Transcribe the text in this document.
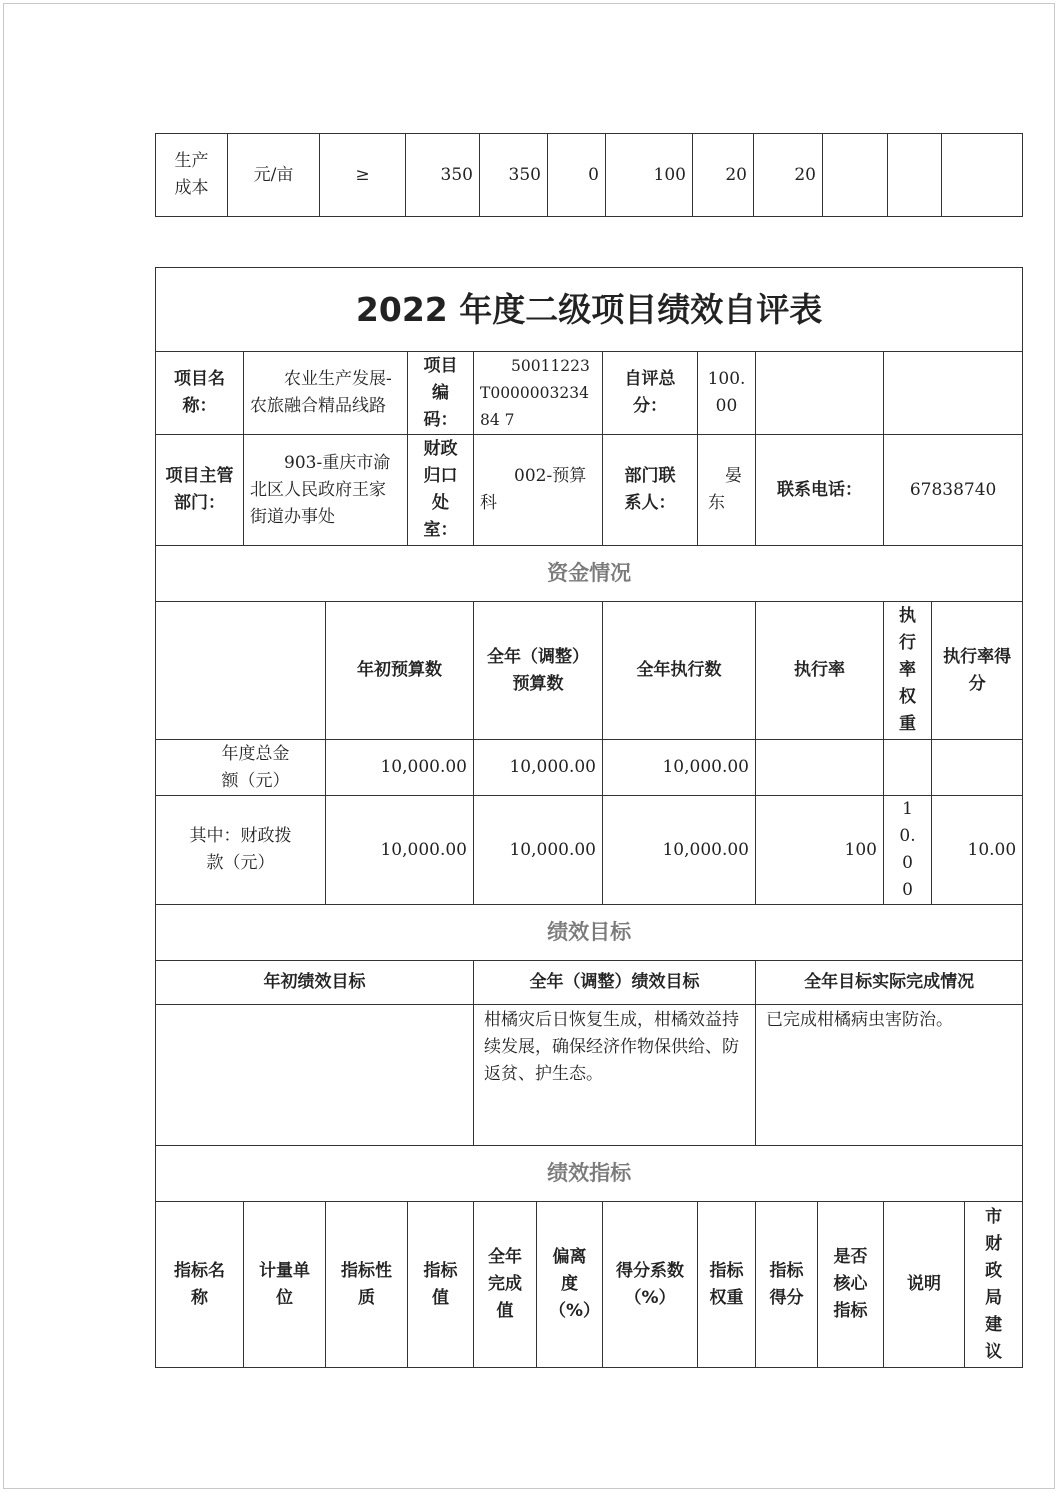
生产成本	元/亩	≥	350	350	0	100	20	20			
2022 年度二级项目绩效自评表												
项目名称：	农业生产发展-农旅融合精品线路		项目编码：	50011223T000000323484 7		自评总分：	100.00					
项目主管部门：	903-重庆市渝北区人民政府王家街道办事处		财政归口处室：	002-预算科		部门联系人：	晏东	联系电话：		67838740		
资金情况												
		年初预算数		全年（调整）预算数		全年执行数		执行率		执行率权重	执行率得分	
年度总金额（元）		10,000.00		10,000.00		10,000.00						
其中：财政拨款（元）		10,000.00		10,000.00		10,000.00		100		10.00	10.00	
绩效目标												
年初绩效目标				全年（调整）绩效目标				全年目标实际完成情况				
				柑橘灾后日恢复生成，柑橘效益持续发展，确保经济作物保供给、防返贫、护生态。				已完成柑橘病虫害防治。				
绩效指标												
指标名称	计量单位	指标性质	指标值	全年完成值	偏离度（%）	得分系数（%）	指标权重	指标得分	是否核心指标	说明		市财政局建议
